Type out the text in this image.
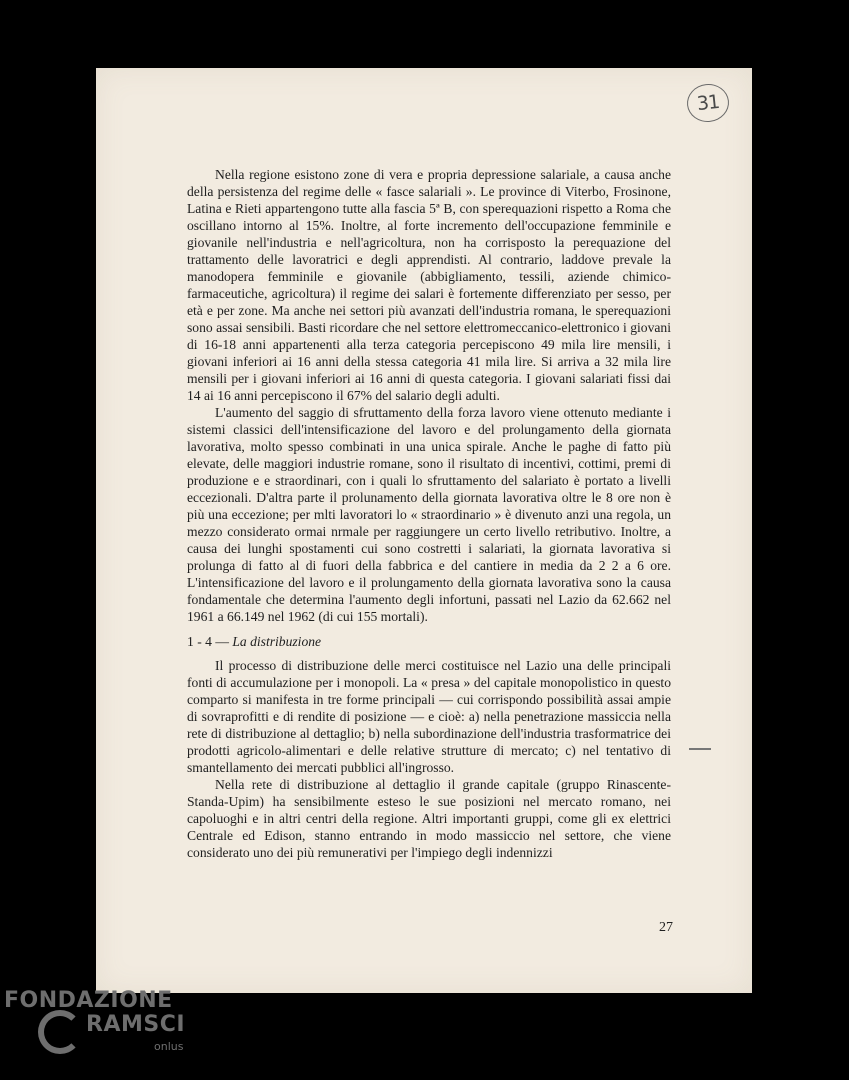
31

Nella regione esistono zone di vera e propria depressione salariale, a causa anche della persistenza del regime delle « fasce salariali ». Le province di Viterbo, Frosinone, Latina e Rieti appartengono tutte alla fascia 5ª B, con sperequazioni rispetto a Roma che oscillano intorno al 15%. Inoltre, al forte incremento dell'occupazione femminile e giovanile nell'industria e nell'agricoltura, non ha corrisposto la perequazione del trattamento delle lavoratrici e degli apprendisti. Al contrario, laddove prevale la manodopera femminile e giovanile (abbigliamento, tessili, aziende chimico-farmaceutiche, agricoltura) il regime dei salari è fortemente differenziato per sesso, per età e per zone. Ma anche nei settori più avanzati dell'industria romana, le sperequazioni sono assai sensibili. Basti ricordare che nel settore elettromeccanico-elettronico i giovani di 16-18 anni appartenenti alla terza categoria percepiscono 49 mila lire mensili, i giovani inferiori ai 16 anni della stessa categoria 41 mila lire. Si arriva a 32 mila lire mensili per i giovani inferiori ai 16 anni di questa categoria. I giovani salariati fissi dai 14 ai 16 anni percepiscono il 67% del salario degli adulti.

L'aumento del saggio di sfruttamento della forza lavoro viene ottenuto mediante i sistemi classici dell'intensificazione del lavoro e del prolungamento della giornata lavorativa, molto spesso combinati in una unica spirale. Anche le paghe di fatto più elevate, delle maggiori industrie romane, sono il risultato di incentivi, cottimi, premi di produzione e e straordinari, con i quali lo sfruttamento del salariato è portato a livelli eccezionali. D'altra parte il prolunamento della giornata lavorativa oltre le 8 ore non è più una eccezione; per mlti lavoratori lo « straordinario » è divenuto anzi una regola, un mezzo considerato ormai nrmale per raggiungere un certo livello retributivo. Inoltre, a causa dei lunghi spostamenti cui sono costretti i salariati, la giornata lavorativa si prolunga di fatto al di fuori della fabbrica e del cantiere in media da 2 2 a 6 ore. L'intensificazione del lavoro e il prolungamento della giornata lavorativa sono la causa fondamentale che determina l'aumento degli infortuni, passati nel Lazio da 62.662 nel 1961 a 66.149 nel 1962 (di cui 155 mortali).

1 - 4 — La distribuzione

Il processo di distribuzione delle merci costituisce nel Lazio una delle principali fonti di accumulazione per i monopoli. La « presa » del capitale monopolistico in questo comparto si manifesta in tre forme principali — cui corrispondo possibilità assai ampie di sovraprofitti e di rendite di posizione — e cioè: a) nella penetrazione massiccia nella rete di distribuzione al dettaglio; b) nella subordinazione dell'industria trasformatrice dei prodotti agricolo-alimentari e delle relative strutture di mercato; c) nel tentativo di smantellamento dei mercati pubblici all'ingrosso.

Nella rete di distribuzione al dettaglio il grande capitale (gruppo Rinascente-Standa-Upim) ha sensibilmente esteso le sue posizioni nel mercato romano, nei capoluoghi e in altri centri della regione. Altri importanti gruppi, come gli ex elettrici Centrale ed Edison, stanno entrando in modo massiccio nel settore, che viene considerato uno dei più remunerativi per l'impiego degli indennizzi

27
FONDAZIONE
RAMSCI
onlus
